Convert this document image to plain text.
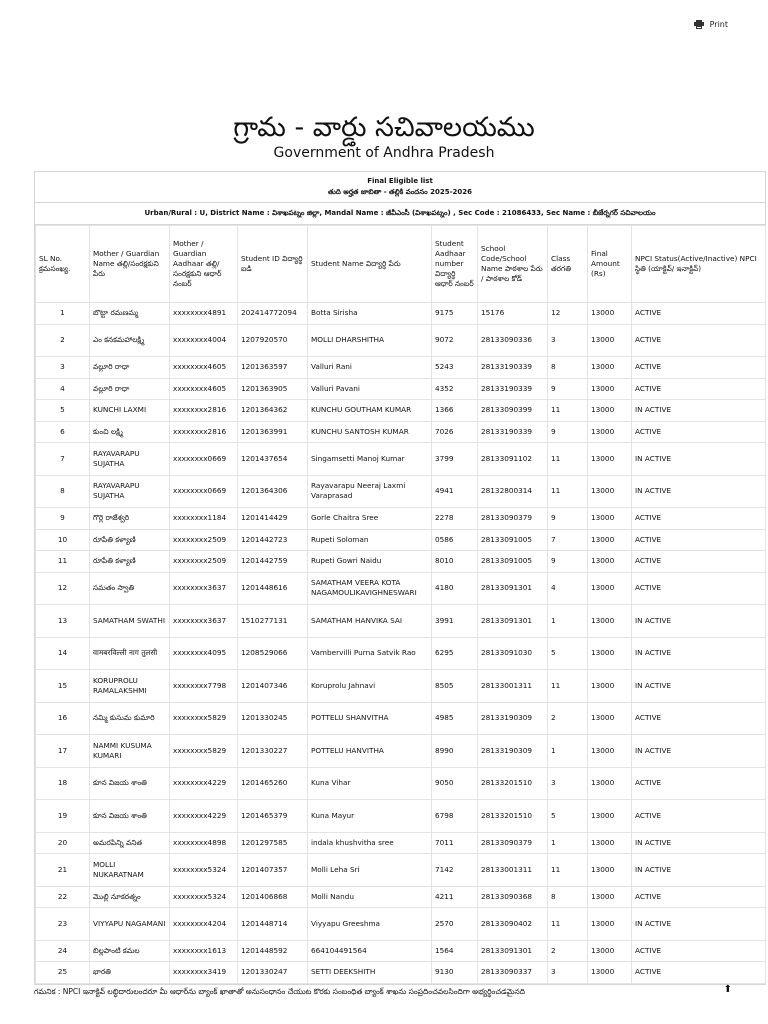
Print
గ్రామ - వార్డు సచివాలయము
Government of Andhra Pradesh
Final Eligible list
తుది అర్హత జాబితా - తల్లికి వందనం 2025-2026
Urban/Rural : U, District Name : విశాఖపట్నం జిల్లా, Mandal Name : జీవీఎంసీ (విశాఖపట్నం) , Sec Code : 21086433, Sec Name : బీజేర్నగర్ సచివాలయం
SL No. క్రమసంఖ్య.	Mother / Guardian Name తల్లి/సంరక్షకుని పేరు	Mother / Guardian Aadhaar తల్లి/ సంరక్షకుని ఆధార్ నంబర్	Student ID విద్యార్థి ఐడి	Student Name విద్యార్థి పేరు	Student Aadhaar number విద్యార్థి ఆధార్ నంబర్	School Code/School Name పాఠశాల పేరు / పాఠశాల కోడ్	Class తరగతి	Final Amount (Rs)	NPCI Status(Active/Inactive) NPCI స్థితి (యాక్టివ్/ ఇనాక్టివ్)
1	బొట్టా రమణమ్మ	xxxxxxxx4891	202414772094	Botta Sirisha	9175	15176	12	13000	ACTIVE
2	ఎం కనకమహాలక్ష్మి	xxxxxxxx4004	1207920570	MOLLI DHARSHITHA	9072	28133090336	3	13000	ACTIVE
3	వల్లూరి రాధా	xxxxxxxx4605	1201363597	Valluri Rani	5243	28133190339	8	13000	ACTIVE
4	వల్లూరి రాధా	xxxxxxxx4605	1201363905	Valluri Pavani	4352	28133190339	9	13000	ACTIVE
5	KUNCHI LAXMI	xxxxxxxx2816	1201364362	KUNCHU GOUTHAM KUMAR	1366	28133090399	11	13000	IN ACTIVE
6	కుంచి లక్ష్మి	xxxxxxxx2816	1201363991	KUNCHU SANTOSH KUMAR	7026	28133190339	9	13000	ACTIVE
7	RAYAVARAPU SUJATHA	xxxxxxxx0669	1201437654	Singamsetti Manoj Kumar	3799	28133091102	11	13000	IN ACTIVE
8	RAYAVARAPU SUJATHA	xxxxxxxx0669	1201364306	Rayavarapu Neeraj Laxmi Varaprasad	4941	28132800314	11	13000	IN ACTIVE
9	గొర్లె రాజేశ్వరి	xxxxxxxx1184	1201414429	Gorle Chaitra Sree	2278	28133090379	9	13000	ACTIVE
10	రూపేతి కళ్యాణి	xxxxxxxx2509	1201442723	Rupeti Soloman	0586	28133091005	7	13000	ACTIVE
11	రూపేతి కళ్యాణి	xxxxxxxx2509	1201442759	Rupeti Gowri Naidu	8010	28133091005	9	13000	ACTIVE
12	సమతం స్వాతి	xxxxxxxx3637	1201448616	SAMATHAM VEERA KOTA NAGAMOULIKAVIGHNESWARI	4180	28133091301	4	13000	ACTIVE
13	SAMATHAM SWATHI	xxxxxxxx3637	1510277131	SAMATHAM HANVIKA SAI	3991	28133091301	1	13000	IN ACTIVE
14	वामबरविल्ली नाग तुलसी	xxxxxxxx4095	1208529066	Vambervilli Purna Satvik Rao	6295	28133091030	5	13000	IN ACTIVE
15	KORUPROLU RAMALAKSHMI	xxxxxxxx7798	1201407346	Koruprolu Jahnavi	8505	28133001311	11	13000	IN ACTIVE
16	నమ్మి కుసుమ కుమారి	xxxxxxxx5829	1201330245	POTTELU SHANVITHA	4985	28133190309	2	13000	ACTIVE
17	NAMMI KUSUMA KUMARI	xxxxxxxx5829	1201330227	POTTELU HANVITHA	8990	28133190309	1	13000	IN ACTIVE
18	కూన విజయ శాంతి	xxxxxxxx4229	1201465260	Kuna Vihar	9050	28133201510	3	13000	ACTIVE
19	కూన విజయ శాంతి	xxxxxxxx4229	1201465379	Kuna Mayur	6798	28133201510	5	13000	ACTIVE
20	అమరపిన్ని వనిత	xxxxxxxx4898	1201297585	indala khushvitha sree	7011	28133090379	1	13000	IN ACTIVE
21	MOLLI NUKARATNAM	xxxxxxxx5324	1201407357	Molli Leha Sri	7142	28133001311	11	13000	IN ACTIVE
22	మొల్లి నూకరత్నం	xxxxxxxx5324	1201406868	Molli Nandu	4211	28133090368	8	13000	ACTIVE
23	VIYYAPU NAGAMANI	xxxxxxxx4204	1201448714	Viyyapu Greeshma	2570	28133090402	11	13000	IN ACTIVE
24	బిల్లపాంటి కమల	xxxxxxxx1613	1201448592	664104491564	1564	28133091301	2	13000	ACTIVE
25	భారతి	xxxxxxxx3419	1201330247	SETTI DEEKSHITH	9130	28133090337	3	13000	ACTIVE
గమనిక : NPCI ఇనాక్టివ్ లబ్ధిదారులందరూ మీ ఆధార్‌ను బ్యాంక్ ఖాతాతో అనుసంధానం చేయుట కొరకు సంబంధిత బ్యాంక్ శాఖను సంప్రదించవలసిందిగా అభ్యర్థించడమైనది	⬆
